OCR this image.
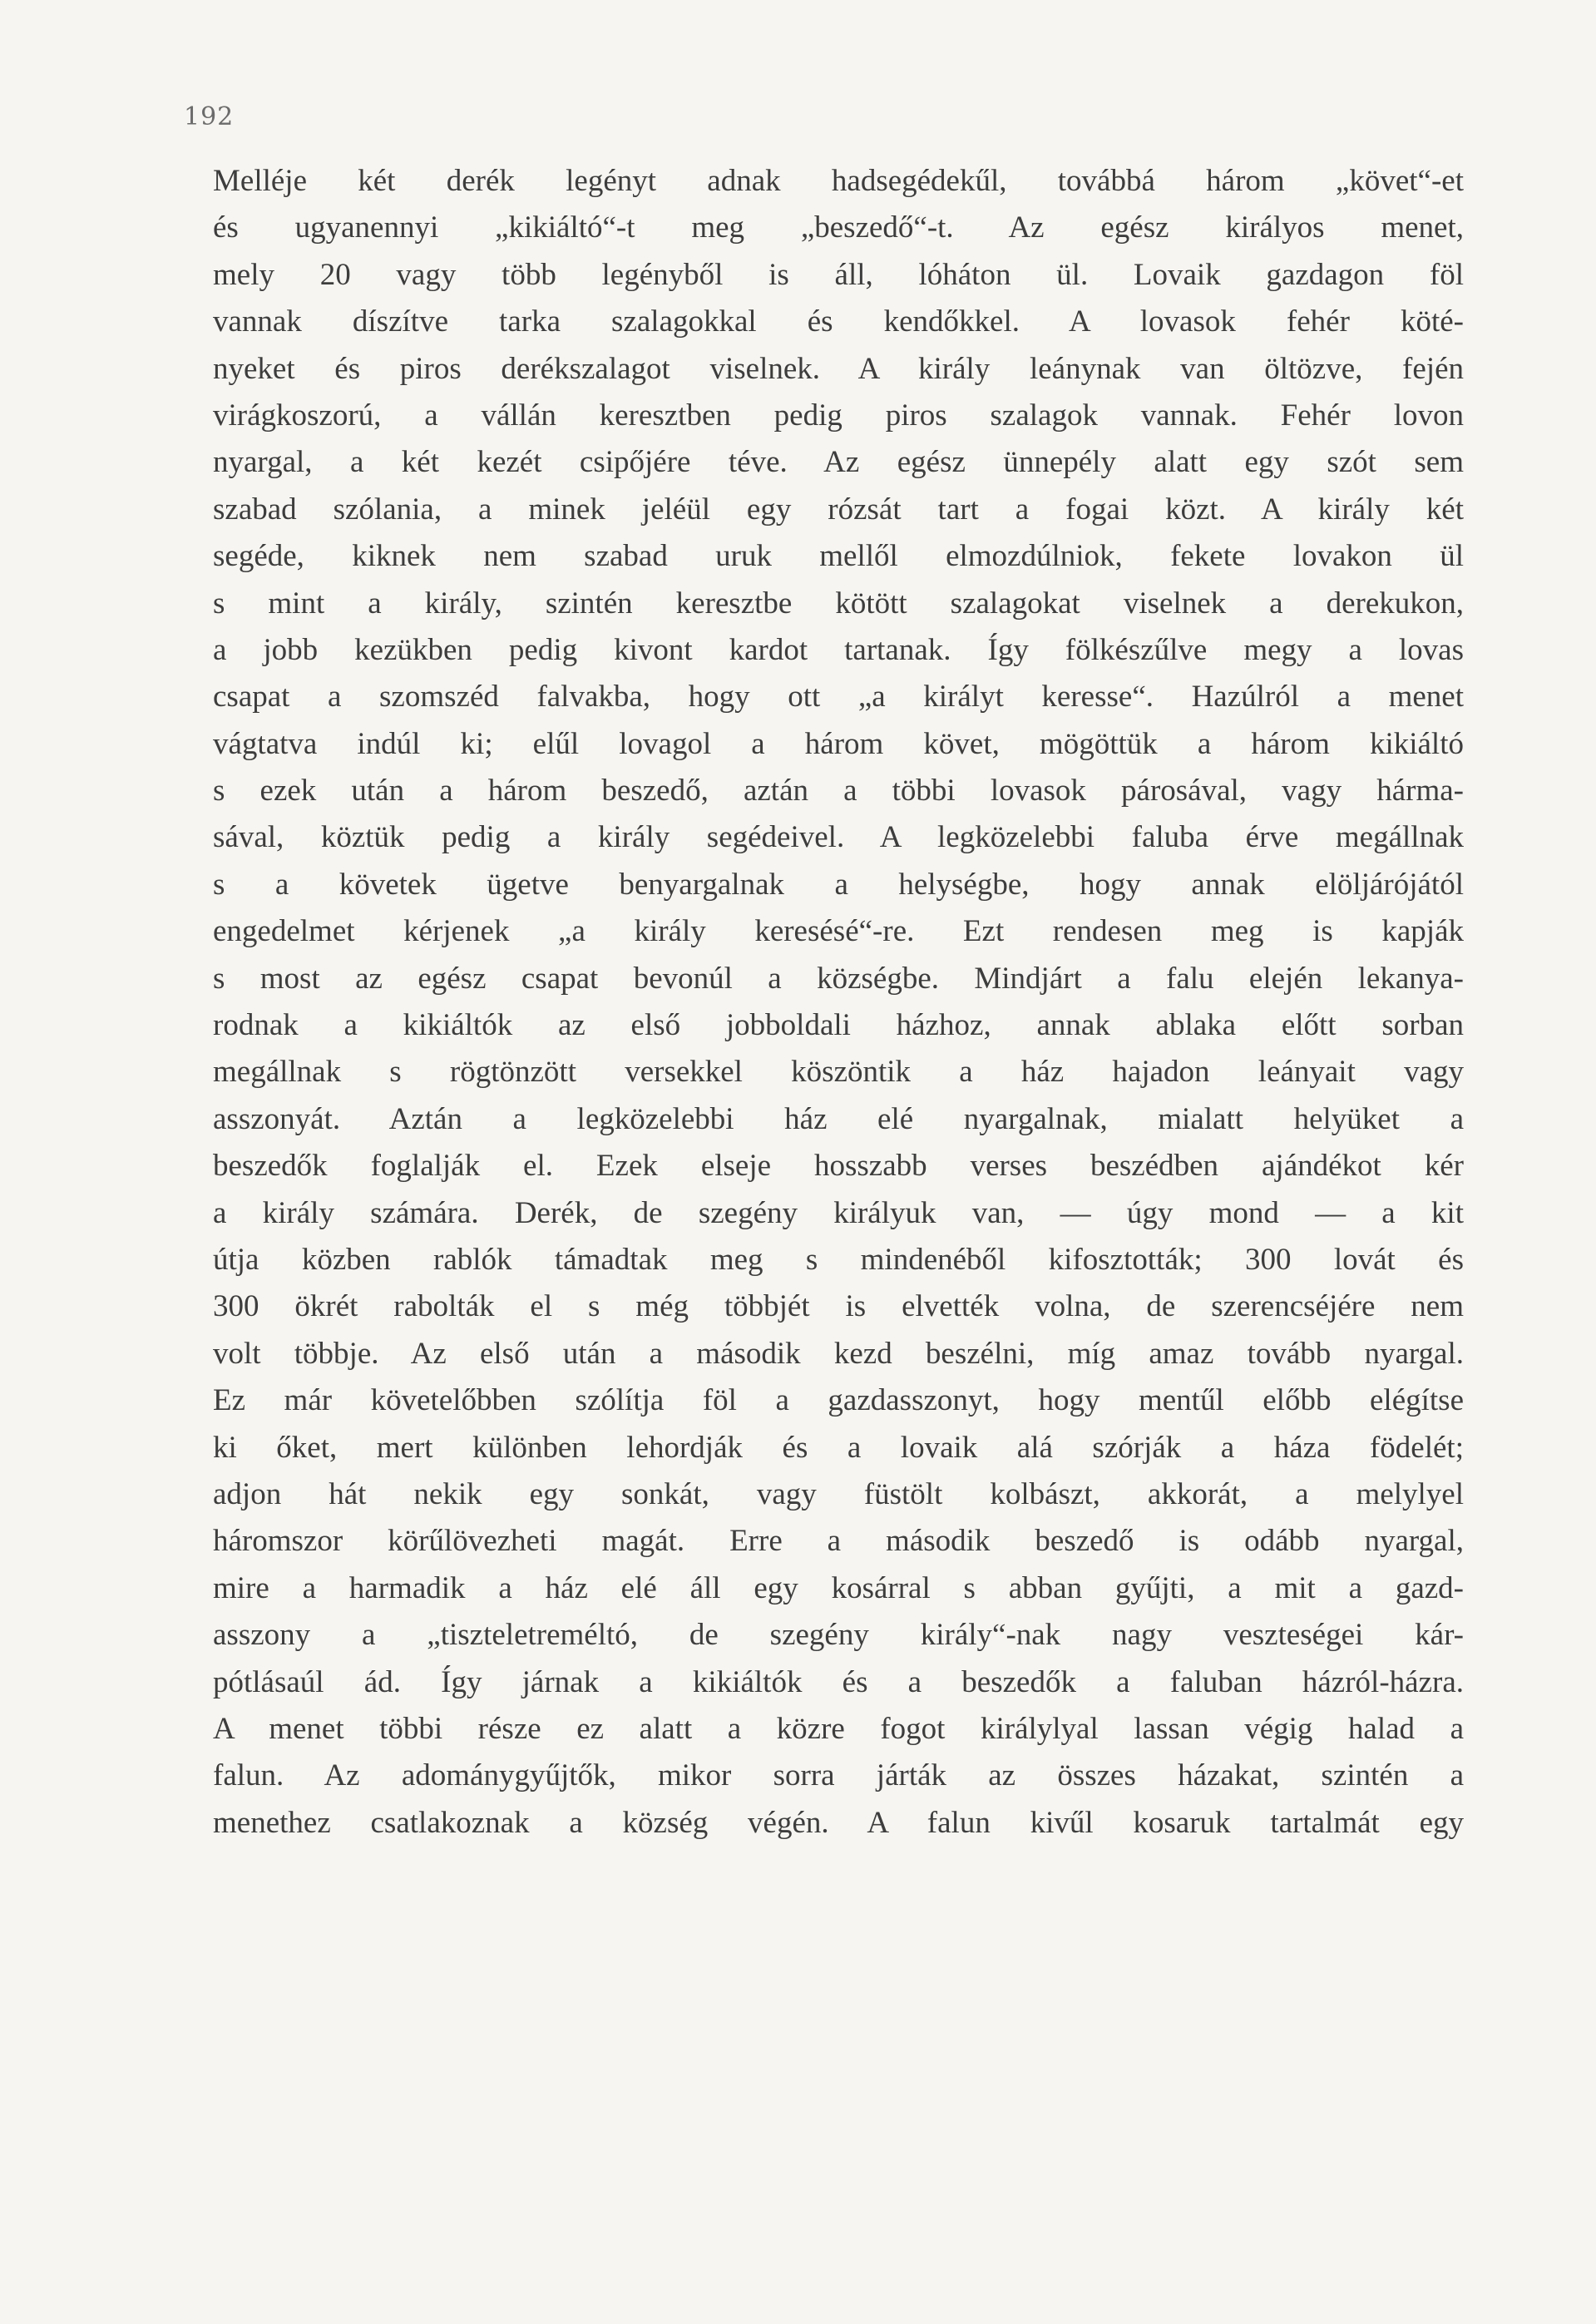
192
Melléje két derék legényt adnak hadsegédekűl, továbbá három „követ“-et
és ugyanennyi „kikiáltó“-t meg „beszedő“-t. Az egész királyos menet,
mely 20 vagy több legényből is áll, lóháton ül. Lovaik gazdagon föl
vannak díszítve tarka szalagokkal és kendőkkel. A lovasok fehér köté-
nyeket és piros derékszalagot viselnek. A király leánynak van öltözve, fején
virágkoszorú, a vállán keresztben pedig piros szalagok vannak. Fehér lovon
nyargal, a két kezét csipőjére téve. Az egész ünnepély alatt egy szót sem
szabad szólania, a minek jeléül egy rózsát tart a fogai közt. A király két
segéde, kiknek nem szabad uruk mellől elmozdúlniok, fekete lovakon ül
s mint a király, szintén keresztbe kötött szalagokat viselnek a derekukon,
a jobb kezükben pedig kivont kardot tartanak. Így fölkészűlve megy a lovas
csapat a szomszéd falvakba, hogy ott „a királyt keresse“. Hazúlról a menet
vágtatva indúl ki; elűl lovagol a három követ, mögöttük a három kikiáltó
s ezek után a három beszedő, aztán a többi lovasok párosával, vagy hárma-
sával, köztük pedig a király segédeivel. A legközelebbi faluba érve megállnak
s a követek ügetve benyargalnak a helységbe, hogy annak elöljárójától
engedelmet kérjenek „a király keresésé“-re. Ezt rendesen meg is kapják
s most az egész csapat bevonúl a községbe. Mindjárt a falu elején lekanya-
rodnak a kikiáltók az első jobboldali házhoz, annak ablaka előtt sorban
megállnak s rögtönzött versekkel köszöntik a ház hajadon leányait vagy
asszonyát. Aztán a legközelebbi ház elé nyargalnak, mialatt helyüket a
beszedők foglalják el. Ezek elseje hosszabb verses beszédben ajándékot kér
a király számára. Derék, de szegény királyuk van, — úgy mond — a kit
útja közben rablók támadtak meg s mindenéből kifosztották; 300 lovát és
300 ökrét rabolták el s még többjét is elvették volna, de szerencséjére nem
volt többje. Az első után a második kezd beszélni, míg amaz tovább nyargal.
Ez már követelőbben szólítja föl a gazdasszonyt, hogy mentűl előbb elégítse
ki őket, mert különben lehordják és a lovaik alá szórják a háza födelét;
adjon hát nekik egy sonkát, vagy füstölt kolbászt, akkorát, a melylyel
háromszor körűlövezheti magát. Erre a második beszedő is odább nyargal,
mire a harmadik a ház elé áll egy kosárral s abban gyűjti, a mit a gazd-
asszony a „tiszteletreméltó, de szegény király“-nak nagy veszteségei kár-
pótlásaúl ád. Így járnak a kikiáltók és a beszedők a faluban házról-házra.
A menet többi része ez alatt a közre fogot királylyal lassan végig halad a
falun. Az adománygyűjtők, mikor sorra járták az összes házakat, szintén a
menethez csatlakoznak a község végén. A falun kivűl kosaruk tartalmát egy
